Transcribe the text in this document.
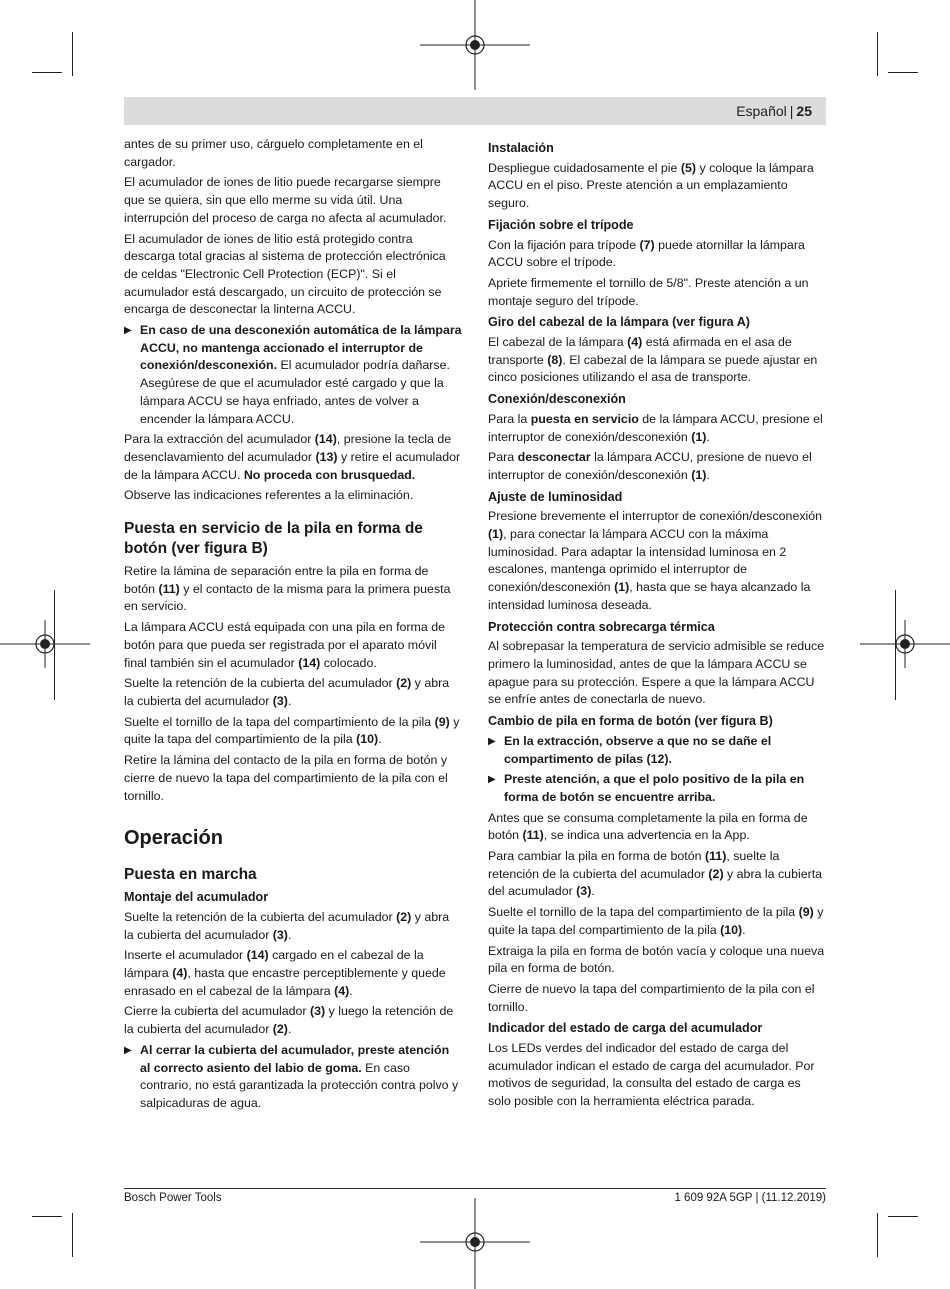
Español | 25

antes de su primer uso, cárguelo completamente en el cargador.

El acumulador de iones de litio puede recargarse siempre que se quiera, sin que ello merme su vida útil. Una interrupción del proceso de carga no afecta al acumulador.

El acumulador de iones de litio está protegido contra descarga total gracias al sistema de protección electrónica de celdas "Electronic Cell Protection (ECP)". Si el acumulador está descargado, un circuito de protección se encarga de desconectar la linterna ACCU.

▶ En caso de una desconexión automática de la lámpara ACCU, no mantenga accionado el interruptor de conexión/desconexión. El acumulador podría dañarse. Asegúrese de que el acumulador esté cargado y que la lámpara ACCU se haya enfriado, antes de volver a encender la lámpara ACCU.

Para la extracción del acumulador (14), presione la tecla de desenclavamiento del acumulador (13) y retire el acumulador de la lámpara ACCU. No proceda con brusquedad.

Observe las indicaciones referentes a la eliminación.

Puesta en servicio de la pila en forma de botón (ver figura B)

Retire la lámina de separación entre la pila en forma de botón (11) y el contacto de la misma para la primera puesta en servicio.

La lámpara ACCU está equipada con una pila en forma de botón para que pueda ser registrada por el aparato móvil final también sin el acumulador (14) colocado.

Suelte la retención de la cubierta del acumulador (2) y abra la cubierta del acumulador (3).

Suelte el tornillo de la tapa del compartimiento de la pila (9) y quite la tapa del compartimiento de la pila (10).

Retire la lámina del contacto de la pila en forma de botón y cierre de nuevo la tapa del compartimiento de la pila con el tornillo.

Operación
Puesta en marcha
Montaje del acumulador

Suelte la retención de la cubierta del acumulador (2) y abra la cubierta del acumulador (3).

Inserte el acumulador (14) cargado en el cabezal de la lámpara (4), hasta que encastre perceptiblemente y quede enrasado en el cabezal de la lámpara (4).

Cierre la cubierta del acumulador (3) y luego la retención de la cubierta del acumulador (2).

▶ Al cerrar la cubierta del acumulador, preste atención al correcto asiento del labio de goma. En caso contrario, no está garantizada la protección contra polvo y salpicaduras de agua.
Instalación

Despliegue cuidadosamente el pie (5) y coloque la lámpara ACCU en el piso. Preste atención a un emplazamiento seguro.

Fijación sobre el trípode

Con la fijación para trípode (7) puede atornillar la lámpara ACCU sobre el trípode.

Apriete firmemente el tornillo de 5/8". Preste atención a un montaje seguro del trípode.

Giro del cabezal de la lámpara (ver figura A)

El cabezal de la lámpara (4) está afirmada en el asa de transporte (8). El cabezal de la lámpara se puede ajustar en cinco posiciones utilizando el asa de transporte.

Conexión/desconexión

Para la puesta en servicio de la lámpara ACCU, presione el interruptor de conexión/desconexión (1).

Para desconectar la lámpara ACCU, presione de nuevo el interruptor de conexión/desconexión (1).

Ajuste de luminosidad

Presione brevemente el interruptor de conexión/desconexión (1), para conectar la lámpara ACCU con la máxima luminosidad. Para adaptar la intensidad luminosa en 2 escalones, mantenga oprimido el interruptor de conexión/desconexión (1), hasta que se haya alcanzado la intensidad luminosa deseada.

Protección contra sobrecarga térmica

Al sobrepasar la temperatura de servicio admisible se reduce primero la luminosidad, antes de que la lámpara ACCU se apague para su protección. Espere a que la lámpara ACCU se enfríe antes de conectarla de nuevo.

Cambio de pila en forma de botón (ver figura B)
▶ En la extracción, observe a que no se dañe el compartimento de pilas (12).
▶ Preste atención, a que el polo positivo de la pila en forma de botón se encuentre arriba.

Antes que se consuma completamente la pila en forma de botón (11), se indica una advertencia en la App.

Para cambiar la pila en forma de botón (11), suelte la retención de la cubierta del acumulador (2) y abra la cubierta del acumulador (3).

Suelte el tornillo de la tapa del compartimiento de la pila (9) y quite la tapa del compartimiento de la pila (10).

Extraiga la pila en forma de botón vacía y coloque una nueva pila en forma de botón.

Cierre de nuevo la tapa del compartimiento de la pila con el tornillo.

Indicador del estado de carga del acumulador

Los LEDs verdes del indicador del estado de carga del acumulador indican el estado de carga del acumulador. Por motivos de seguridad, la consulta del estado de carga es solo posible con la herramienta eléctrica parada.

Bosch Power Tools	1 609 92A 5GP | (11.12.2019)
